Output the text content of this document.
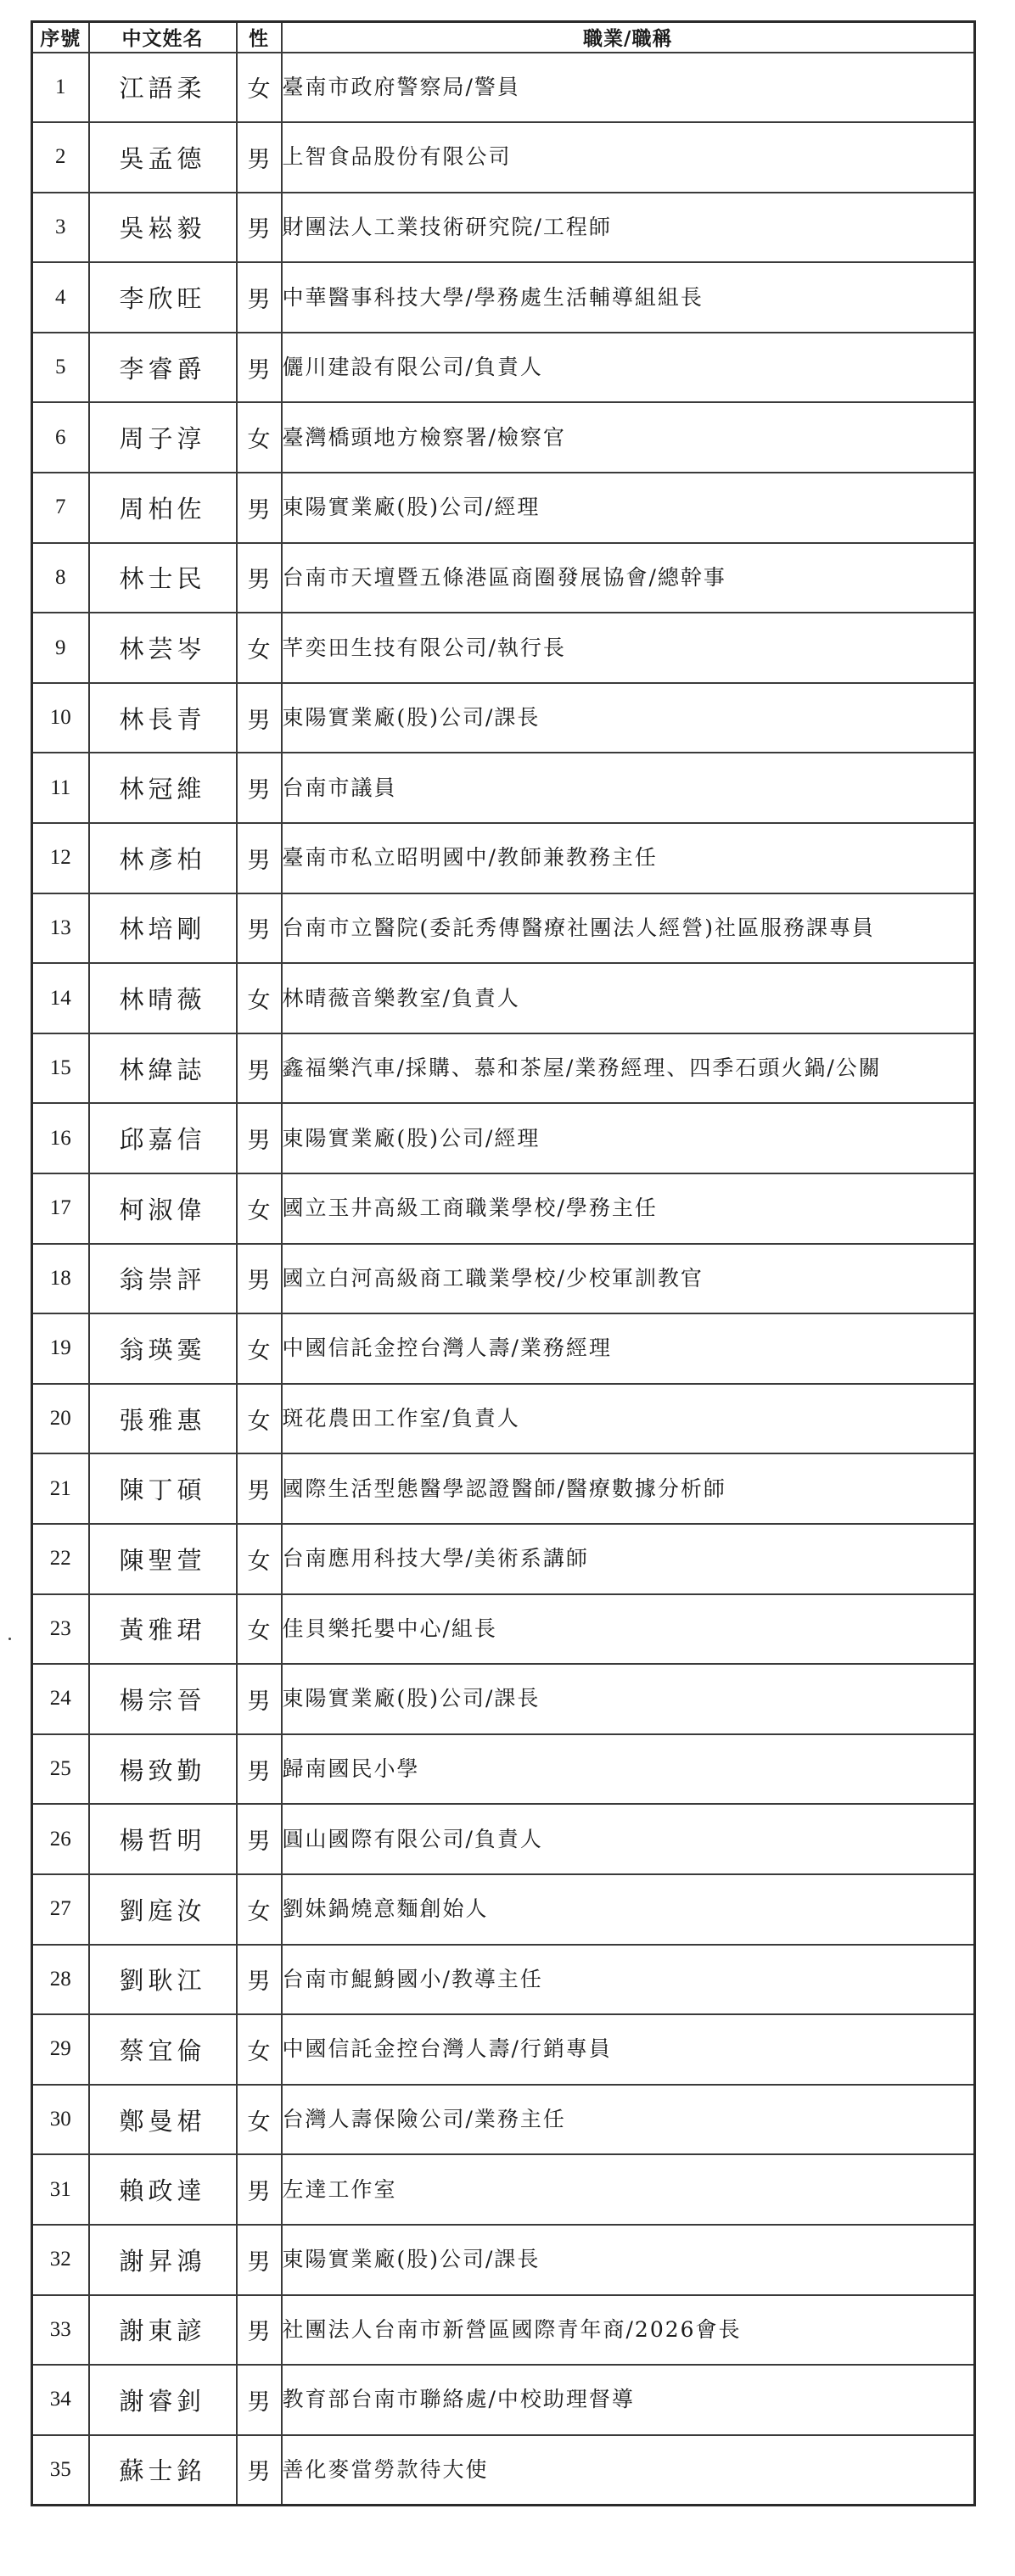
序號	中文姓名	性	職業/職稱
1	江語柔	女	臺南市政府警察局/警員
2	吳孟德	男	上智食品股份有限公司
3	吳崧毅	男	財團法人工業技術研究院/工程師
4	李欣旺	男	中華醫事科技大學/學務處生活輔導組組長
5	李睿爵	男	儷川建設有限公司/負責人
6	周子淳	女	臺灣橋頭地方檢察署/檢察官
7	周柏佐	男	東陽實業廠(股)公司/經理
8	林士民	男	台南市天壇暨五條港區商圈發展協會/總幹事
9	林芸岑	女	芊奕田生技有限公司/執行長
10	林長青	男	東陽實業廠(股)公司/課長
11	林冠維	男	台南市議員
12	林彥柏	男	臺南市私立昭明國中/教師兼教務主任
13	林培剛	男	台南市立醫院(委託秀傳醫療社團法人經營)社區服務課專員
14	林晴薇	女	林晴薇音樂教室/負責人
15	林緯誌	男	鑫福樂汽車/採購、慕和茶屋/業務經理、四季石頭火鍋/公關
16	邱嘉信	男	東陽實業廠(股)公司/經理
17	柯淑偉	女	國立玉井高級工商職業學校/學務主任
18	翁崇評	男	國立白河高級商工職業學校/少校軍訓教官
19	翁瑛霙	女	中國信託金控台灣人壽/業務經理
20	張雅惠	女	斑花農田工作室/負責人
21	陳丁碩	男	國際生活型態醫學認證醫師/醫療數據分析師
22	陳聖萱	女	台南應用科技大學/美術系講師
23	黃雅珺	女	佳貝樂托嬰中心/組長
24	楊宗晉	男	東陽實業廠(股)公司/課長
25	楊致勤	男	歸南國民小學
26	楊哲明	男	圓山國際有限公司/負責人
27	劉庭汝	女	劉妹鍋燒意麵創始人
28	劉耿江	男	台南市鯤鯓國小/教導主任
29	蔡宜倫	女	中國信託金控台灣人壽/行銷專員
30	鄭曼桾	女	台灣人壽保險公司/業務主任
31	賴政達	男	左達工作室
32	謝昇鴻	男	東陽實業廠(股)公司/課長
33	謝東諺	男	社團法人台南市新營區國際青年商/2026會長
34	謝睿釗	男	教育部台南市聯絡處/中校助理督導
35	蘇士銘	男	善化麥當勞款待大使
